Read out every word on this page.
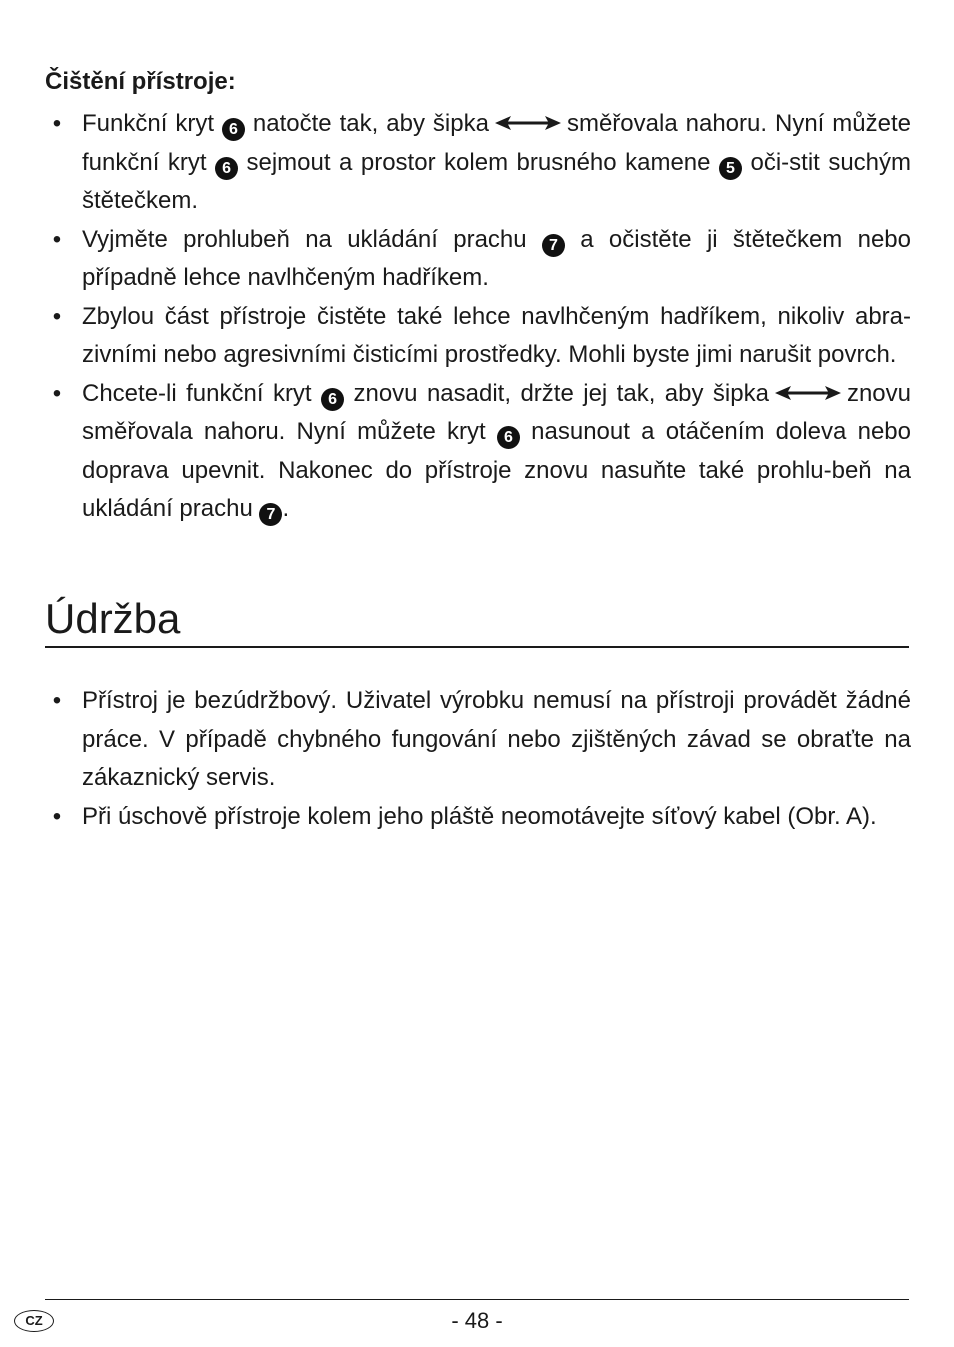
Čištění přístroje:
• Funkční kryt 6 natočte tak, aby šipka	směřovala nahoru. Nyní můžete funkční kryt 6 sejmout a prostor kolem brusného kamene 5 oči-stit suchým štětečkem.
• Vyjměte prohlubeň na ukládání prachu 7 a očistěte ji štětečkem nebo případně lehce navlhčeným hadříkem.
• Zbylou část přístroje čistěte také lehce navlhčeným hadříkem, nikoliv abra-zivními nebo agresivními čisticími prostředky. Mohli byste jimi narušit povrch.
• Chcete-li funkční kryt 6 znovu nasadit, držte jej tak, aby šipka	znovu směřovala nahoru. Nyní můžete kryt 6 nasunout a otáčením doleva nebo doprava upevnit. Nakonec do přístroje znovu nasuňte také prohlu-beň na ukládání prachu 7 .
Údržba
• Přístroj je bezúdržbový. Uživatel výrobku nemusí na přístroji provádět žádné práce. V případě chybného fungování nebo zjištěných závad se obraťte na zákaznický servis.
• Při úschově přístroje kolem jeho pláště neomotávejte síťový kabel (Obr. A).
CZ	- 48 -
